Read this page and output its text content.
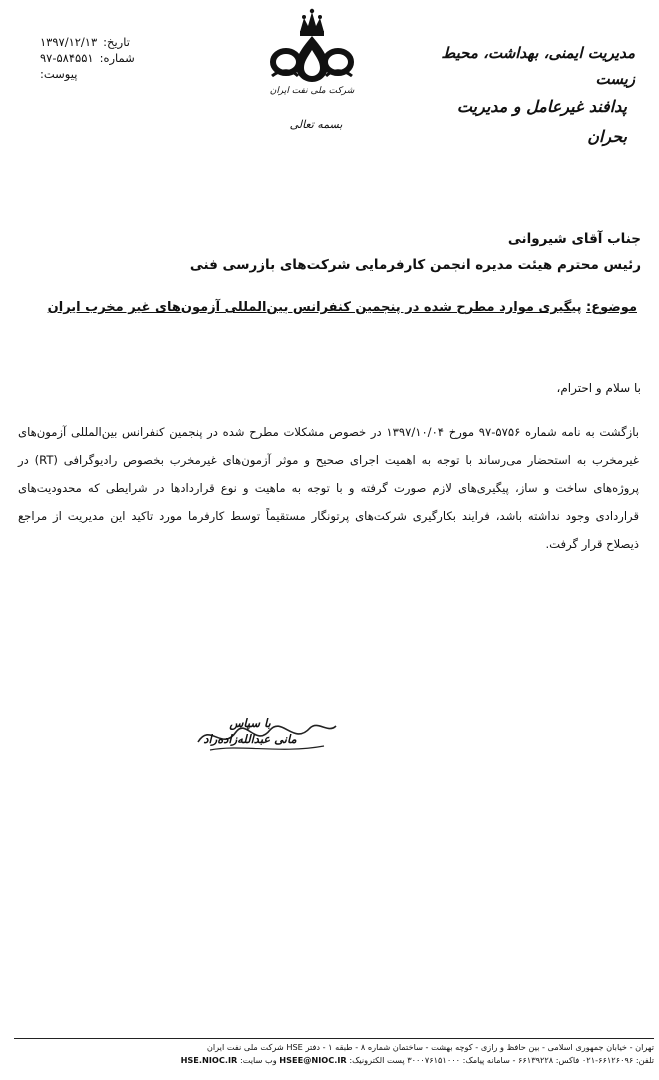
مدیریت ایمنی، بهداشت، محیط زیست
پدافند غیرعامل و مدیریت بحران
شرکت ملی نفت ایران
بسمه تعالی
تاریخ:
۱۳۹۷/۱۲/۱۳
شماره:
۹۷-۵۸۴۵۵۱
پیوست:
جناب آقای شیروانی
رئیس محترم هیئت مدیره انجمن کارفرمایی شرکت‌های بازرسی فنی
موضوع: پیگیری موارد مطرح شده در پنجمین کنفرانس بین‌المللی آزمون‌های غیر مخرب ایران
با سلام و احترام،
بازگشت به نامه شماره ۵۷۵۶-۹۷ مورخ ۱۳۹۷/۱۰/۰۴ در خصوص مشکلات مطرح شده در پنجمین کنفرانس بین‌المللی آزمون‌های غیرمخرب به استحضار می‌رساند با توجه به اهمیت اجرای صحیح و موثر آزمون‌های غیرمخرب بخصوص رادیوگرافی (RT) در پروژه‌های ساخت و ساز، پیگیری‌های لازم صورت گرفته و با توجه به ماهیت و نوع قراردادها در شرایطی که محدودیت‌های قراردادی وجود نداشته باشد، فرایند بکارگیری شرکت‌های پرتونگار مستقیماً توسط کارفرما مورد تاکید این مدیریت از مراجع ذیصلاح قرار گرفت.
با سپاس
مانی عبدالله‌زاده‌راد
تهران - خیابان جمهوری اسلامی - بین حافظ و رازی - کوچه بهشت - ساختمان شماره ۸ - طبقه ۱ - دفتر HSE شرکت ملی نفت ایران
تلفن: ۶۶۱۲۶۰۹۶-۰۲۱ فاکس: ۶۶۱۳۹۲۲۸ - سامانه پیامک: ۳۰۰۰۷۶۱۵۱۰۰۰ پست الکترونیک: HSEE@NIOC.IR وب سایت: HSE.NIOC.IR
